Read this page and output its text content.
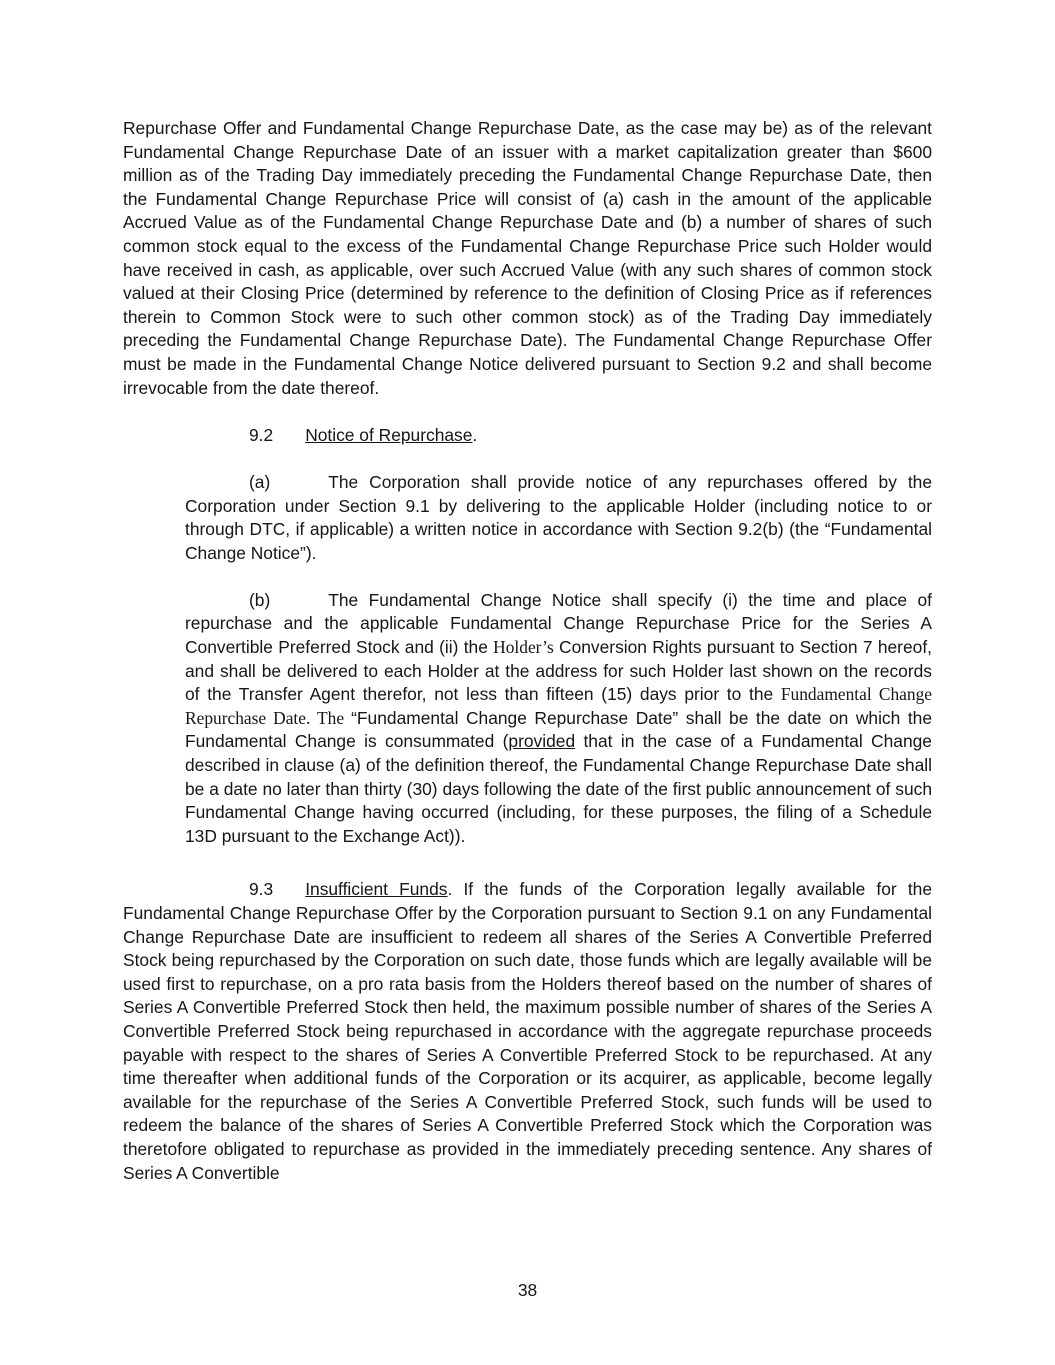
Repurchase Offer and Fundamental Change Repurchase Date, as the case may be) as of the relevant Fundamental Change Repurchase Date of an issuer with a market capitalization greater than $600 million as of the Trading Day immediately preceding the Fundamental Change Repurchase Date, then the Fundamental Change Repurchase Price will consist of (a) cash in the amount of the applicable Accrued Value as of the Fundamental Change Repurchase Date and (b) a number of shares of such common stock equal to the excess of the Fundamental Change Repurchase Price such Holder would have received in cash, as applicable, over such Accrued Value (with any such shares of common stock valued at their Closing Price (determined by reference to the definition of Closing Price as if references therein to Common Stock were to such other common stock) as of the Trading Day immediately preceding the Fundamental Change Repurchase Date). The Fundamental Change Repurchase Offer must be made in the Fundamental Change Notice delivered pursuant to Section 9.2 and shall become irrevocable from the date thereof.

9.2 Notice of Repurchase.

(a)	The Corporation shall provide notice of any repurchases offered by the Corporation under Section 9.1 by delivering to the applicable Holder (including notice to or through DTC, if applicable) a written notice in accordance with Section 9.2(b) (the “Fundamental Change Notice”).

(b)	The Fundamental Change Notice shall specify (i) the time and place of repurchase and the applicable Fundamental Change Repurchase Price for the Series A Convertible Preferred Stock and (ii) the Holder’s Conversion Rights pursuant to Section 7 hereof, and shall be delivered to each Holder at the address for such Holder last shown on the records of the Transfer Agent therefor, not less than fifteen (15) days prior to the Fundamental Change Repurchase Date. The “Fundamental Change Repurchase Date” shall be the date on which the Fundamental Change is consummated (provided that in the case of a Fundamental Change described in clause (a) of the definition thereof, the Fundamental Change Repurchase Date shall be a date no later than thirty (30) days following the date of the first public announcement of such Fundamental Change having occurred (including, for these purposes, the filing of a Schedule 13D pursuant to the Exchange Act)).

9.3 Insufficient Funds. If the funds of the Corporation legally available for the Fundamental Change Repurchase Offer by the Corporation pursuant to Section 9.1 on any Fundamental Change Repurchase Date are insufficient to redeem all shares of the Series A Convertible Preferred Stock being repurchased by the Corporation on such date, those funds which are legally available will be used first to repurchase, on a pro rata basis from the Holders thereof based on the number of shares of Series A Convertible Preferred Stock then held, the maximum possible number of shares of the Series A Convertible Preferred Stock being repurchased in accordance with the aggregate repurchase proceeds payable with respect to the shares of Series A Convertible Preferred Stock to be repurchased. At any time thereafter when additional funds of the Corporation or its acquirer, as applicable, become legally available for the repurchase of the Series A Convertible Preferred Stock, such funds will be used to redeem the balance of the shares of Series A Convertible Preferred Stock which the Corporation was theretofore obligated to repurchase as provided in the immediately preceding sentence. Any shares of Series A Convertible

38
